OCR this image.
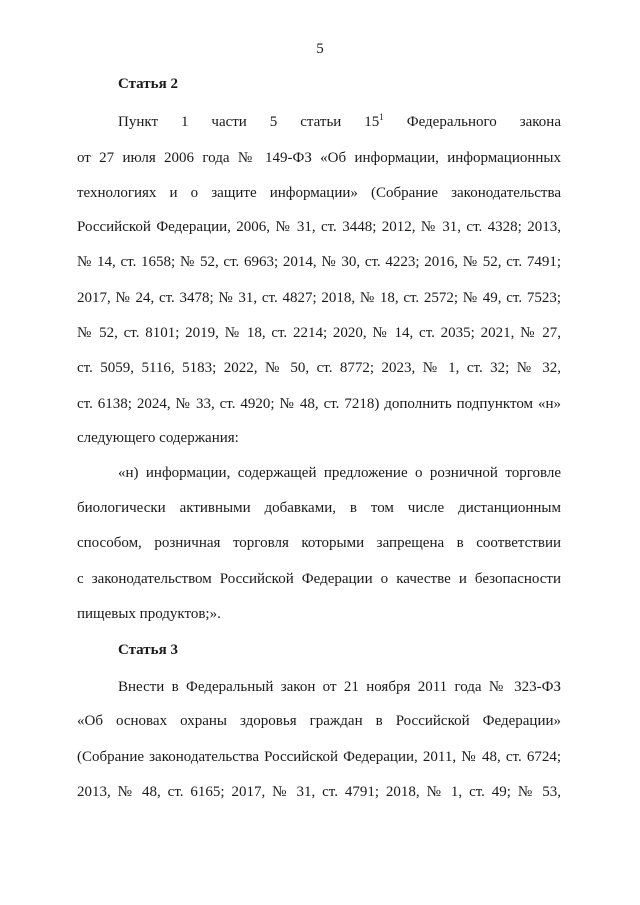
5
Статья 2
Пункт 1 части 5 статьи $15^1$ Федерального закона
от 27 июля 2006 года № 149-ФЗ «Об информации, информационных
технологиях и о защите информации» (Собрание законодательства
Российской Федерации, 2006, № 31, ст. 3448; 2012, № 31, ст. 4328; 2013,
№ 14, ст. 1658; № 52, ст. 6963; 2014, № 30, ст. 4223; 2016, № 52, ст. 7491;
2017, № 24, ст. 3478; № 31, ст. 4827; 2018, № 18, ст. 2572; № 49, ст. 7523;
№ 52, ст. 8101; 2019, № 18, ст. 2214; 2020, № 14, ст. 2035; 2021, № 27,
ст. 5059, 5116, 5183; 2022, № 50, ст. 8772; 2023, № 1, ст. 32; № 32,
ст. 6138; 2024, № 33, ст. 4920; № 48, ст. 7218) дополнить подпунктом «н»
следующего содержания:
«н) информации, содержащей предложение о розничной торговле
биологически активными добавками, в том числе дистанционным
способом, розничная торговля которыми запрещена в соответствии
с законодательством Российской Федерации о качестве и безопасности
пищевых продуктов;».
Статья 3
Внести в Федеральный закон от 21 ноября 2011 года № 323-ФЗ
«Об основах охраны здоровья граждан в Российской Федерации»
(Собрание законодательства Российской Федерации, 2011, № 48, ст. 6724;
2013, № 48, ст. 6165; 2017, № 31, ст. 4791; 2018, № 1, ст. 49; № 53,
